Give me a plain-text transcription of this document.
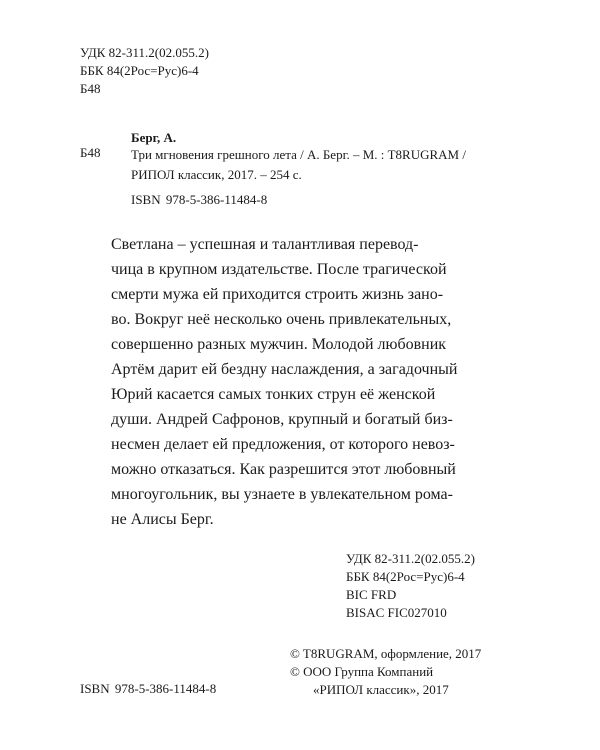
УДК 82-311.2(02.055.2)
ББК 84(2Рос=Рус)6-4
Б48
Берг, А.
Б48 Три мгновения грешного лета / А. Берг. – М. : T8RUGRAM /
РИПОЛ классик, 2017. – 254 с.
ISBN 978-5-386-11484-8
Светлана – успешная и талантливая перевод-
чица в крупном издательстве. После трагической
смерти мужа ей приходится строить жизнь зано-
во. Вокруг неё несколько очень привлекательных,
совершенно разных мужчин. Молодой любовник
Артём дарит ей бездну наслаждения, а загадочный
Юрий касается самых тонких струн её женской
души. Андрей Сафронов, крупный и богатый биз-
несмен делает ей предложения, от которого невоз-
можно отказаться. Как разрешится этот любовный
многоугольник, вы узнаете в увлекательном рома-
не Алисы Берг.
УДК 82-311.2(02.055.2)
ББК 84(2Рос=Рус)6-4
BIC FRD
BISAC FIC027010
© T8RUGRAM, оформление, 2017
© ООО Группа Компаний
«РИПОЛ классик», 2017
ISBN 978-5-386-11484-8
